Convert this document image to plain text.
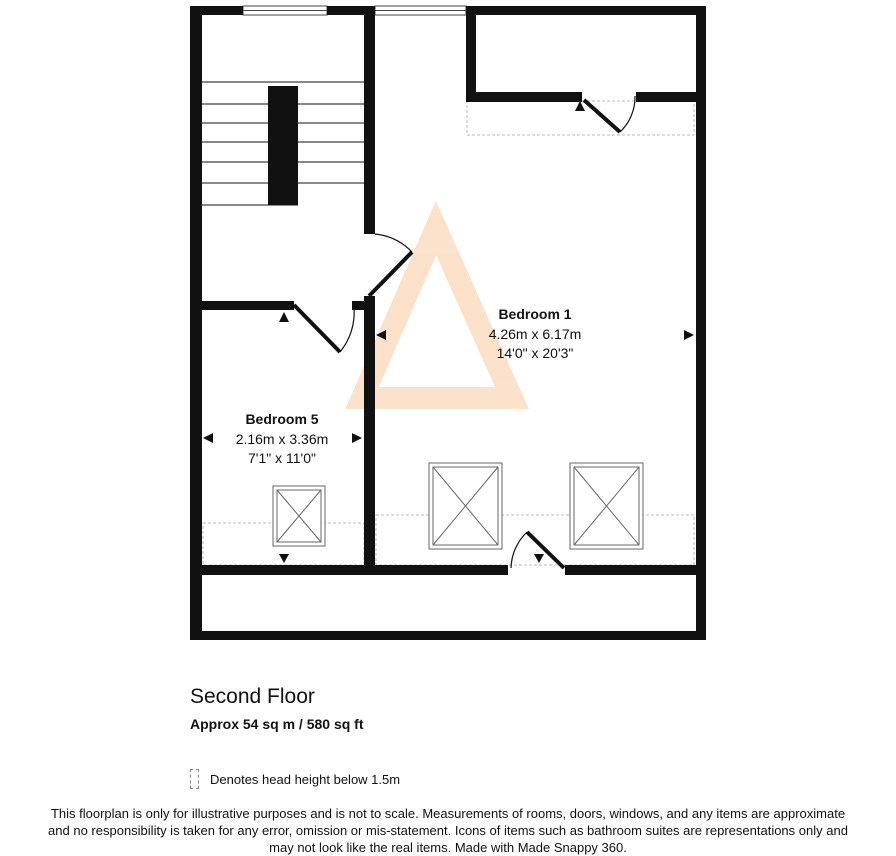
Bedroom 1
4.26m x 6.17m
14'0" x 20'3"
Bedroom 5
2.16m x 3.36m
7'1" x 11'0"
Second Floor
Approx 54 sq m / 580 sq ft
Denotes head height below 1.5m
This floorplan is only for illustrative purposes and is not to scale. Measurements of rooms, doors, windows, and any items are approximate
and no responsibility is taken for any error, omission or mis-statement. Icons of items such as bathroom suites are representations only and
may not look like the real items. Made with Made Snappy 360.
